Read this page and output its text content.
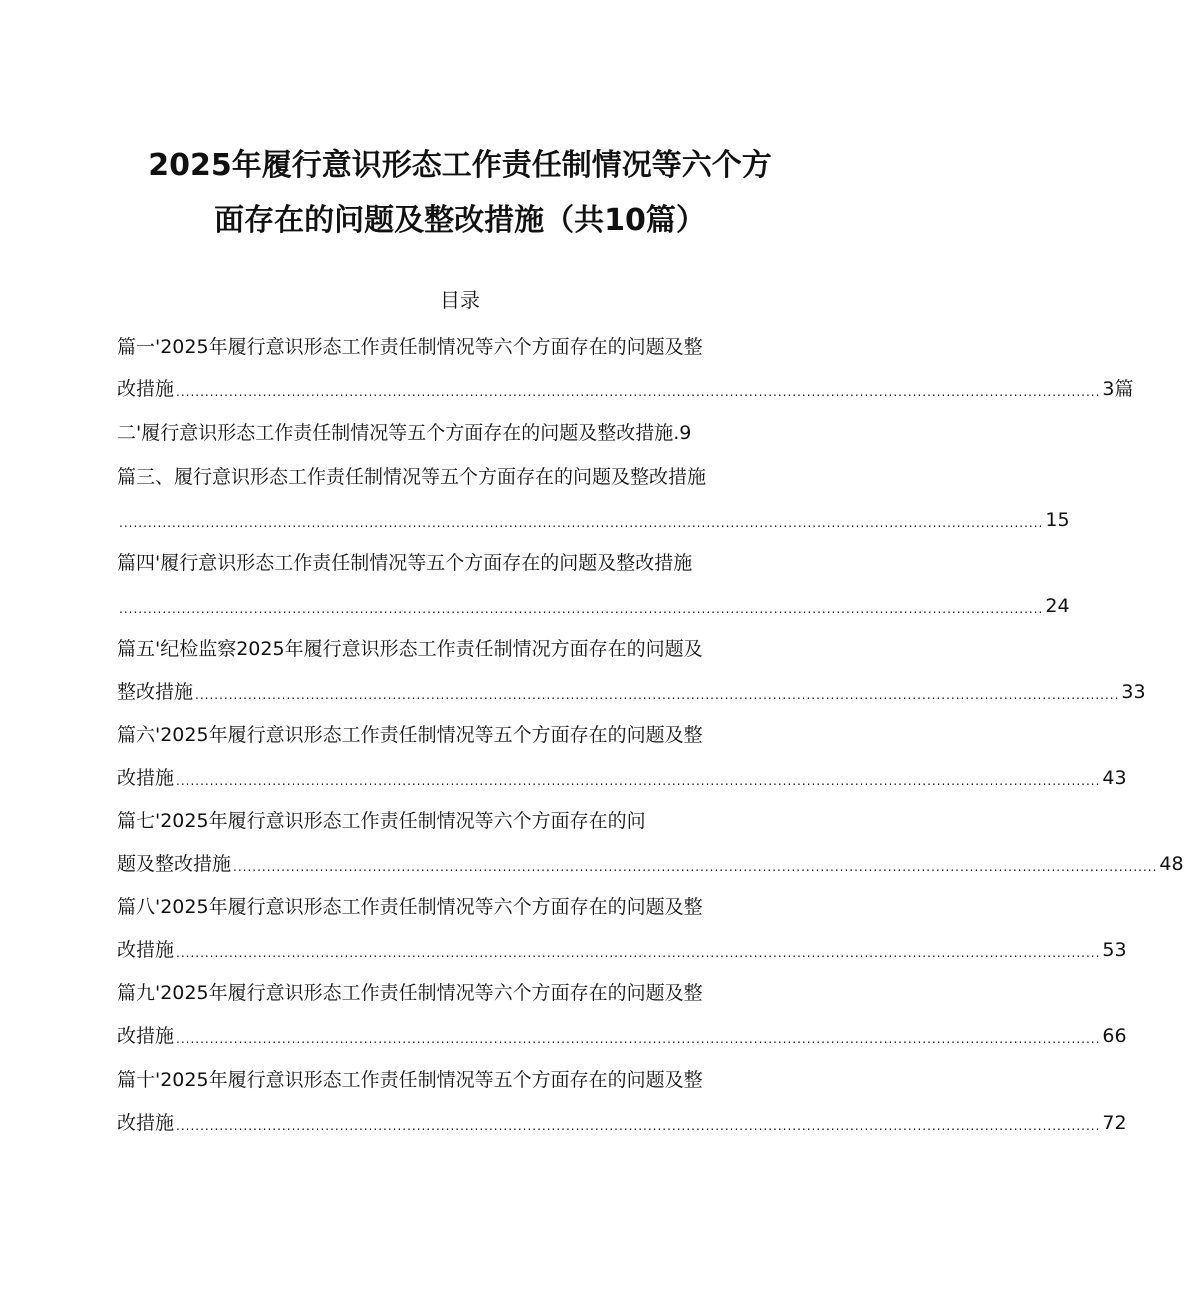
2025年履行意识形态工作责任制情况等六个方
面存在的问题及整改措施（共10篇）
目录
篇一'2025年履行意识形态工作责任制情况等六个方面存在的问题及整
改措施 ................................................................................................................................................................................................ 3篇
二'履行意识形态工作责任制情况等五个方面存在的问题及整改措施.9
篇三、履行意识形态工作责任制情况等五个方面存在的问题及整改措施
................................................................................................................................................................................................ 15
篇四'履行意识形态工作责任制情况等五个方面存在的问题及整改措施
................................................................................................................................................................................................ 24
篇五'纪检监察2025年履行意识形态工作责任制情况方面存在的问题及
整改措施 ................................................................................................................................................................................................ 33
篇六'2025年履行意识形态工作责任制情况等五个方面存在的问题及整
改措施 ................................................................................................................................................................................................ 43
篇七'2025年履行意识形态工作责任制情况等六个方面存在的问
题及整改措施 ................................................................................................................................................................................................ 48
篇八'2025年履行意识形态工作责任制情况等六个方面存在的问题及整
改措施 ................................................................................................................................................................................................ 53
篇九'2025年履行意识形态工作责任制情况等六个方面存在的问题及整
改措施 ................................................................................................................................................................................................ 66
篇十'2025年履行意识形态工作责任制情况等五个方面存在的问题及整
改措施 ................................................................................................................................................................................................ 72
